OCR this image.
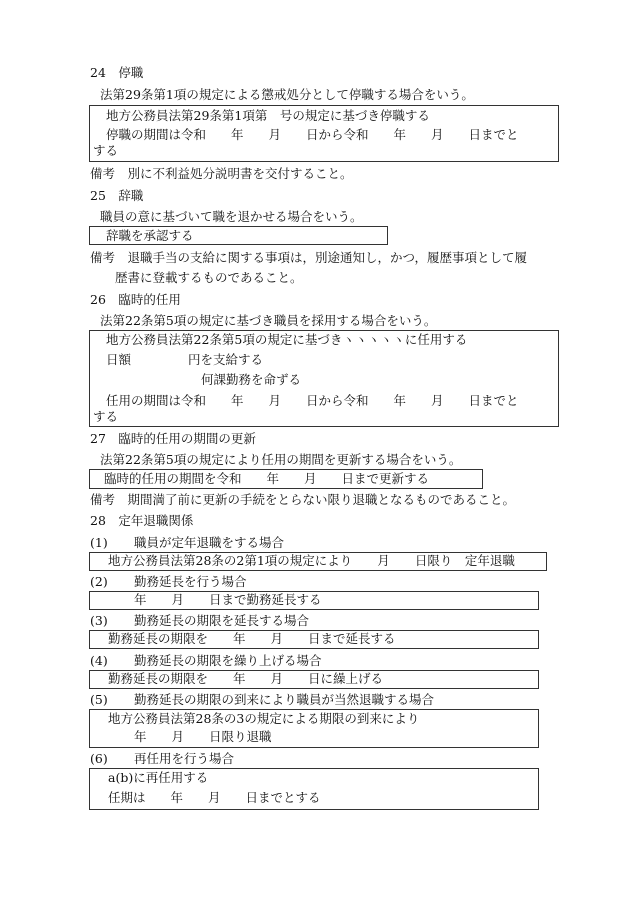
24　停職
法第29条第1項の規定による懲戒処分として停職する場合をいう。
地方公務員法第29条第1項第　号の規定に基づき停職する
停職の期間は令和　　年　　月　　日から令和　　年　　月　　日までと
する
備考　別に不利益処分説明書を交付すること。
25　辞職
職員の意に基づいて職を退かせる場合をいう。
辞職を承認する
備考　退職手当の支給に関する事項は，別途通知し，かつ，履歴事項として履
歴書に登載するものであること。
26　臨時的任用
法第22条第5項の規定に基づき職員を採用する場合をいう。
地方公務員法第22条第5項の規定に基づきヽヽヽヽヽに任用する
日額	円を支給する
何課勤務を命ずる
任用の期間は令和　　年　　月　　日から令和　　年　　月　　日までと
する
27　臨時的任用の期間の更新
法第22条第5項の規定により任用の期間を更新する場合をいう。
臨時的任用の期間を令和　　年　　月　　日まで更新する
備考　期間満了前に更新の手続をとらない限り退職となるものであること。
28　定年退職関係
(1) 職員が定年退職をする場合
地方公務員法第28条の2第1項の規定により　　月　　日限り　定年退職
(2) 勤務延長を行う場合
年　　月　　日まで勤務延長する
(3) 勤務延長の期限を延長する場合
勤務延長の期限を　　年　　月　　日まで延長する
(4) 勤務延長の期限を繰り上げる場合
勤務延長の期限を　　年　　月　　日に繰上げる
(5) 勤務延長の期限の到来により職員が当然退職する場合
地方公務員法第28条の3の規定による期限の到来により
年　　月　　日限り退職
(6) 再任用を行う場合
a(b)に再任用する
任期は　　年　　月　　日までとする
